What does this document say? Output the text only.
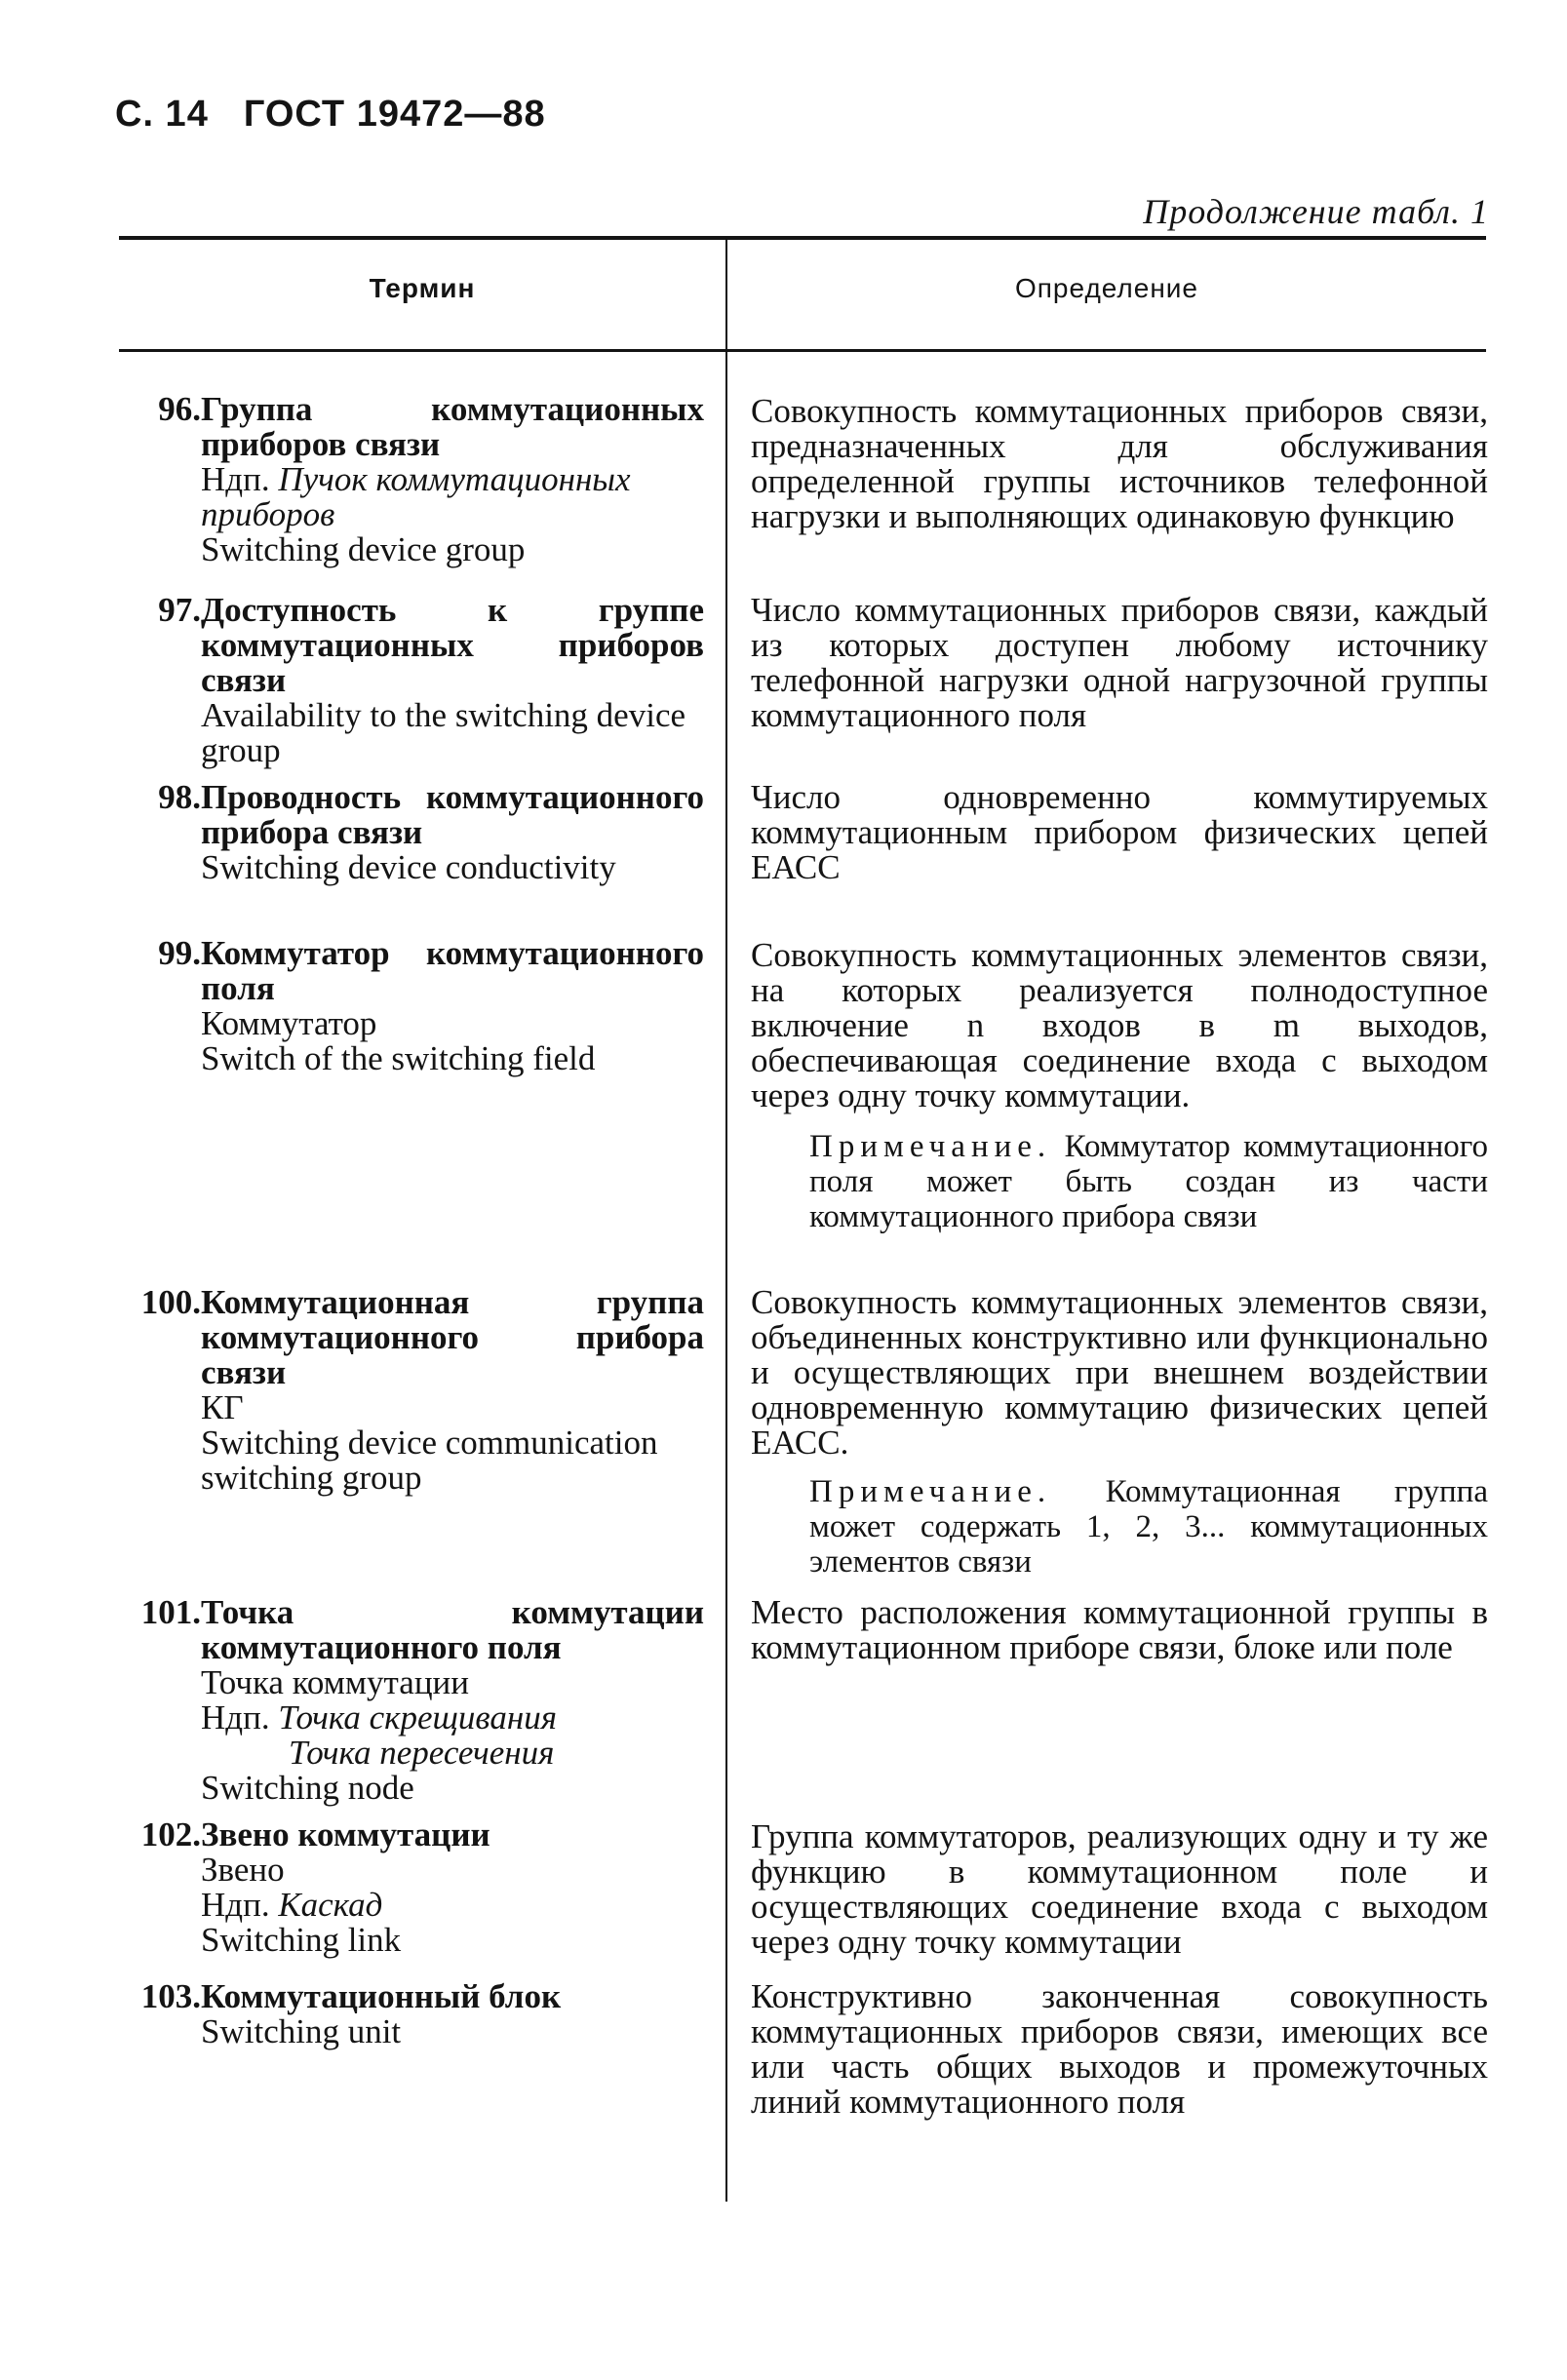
С. 14 ГОСТ 19472—88
Продолжение табл. 1
Термин	Определение
96. Группа коммутационных приборов связи
Ндп. Пучок коммутационных приборов
Switching device group
Совокупность коммутационных приборов связи, предназначенных для обслуживания определенной группы источников телефонной нагрузки и выполняющих одинаковую функцию
97. Доступность к группе коммутационных приборов связи
Availability to the switching device group
Число коммутационных приборов связи, каждый из которых доступен любому источнику телефонной нагрузки одной нагрузочной группы коммутационного поля
98. Проводность коммутационного прибора связи
Switching device conductivity
Число одновременно коммутируемых коммутационным прибором физических цепей ЕАСС
99. Коммутатор коммутационного поля
Коммутатор
Switch of the switching field
Совокупность коммутационных элементов связи, на которых реализуется полнодоступное включение n входов в m выходов, обеспечивающая соединение входа с выходом через одну точку коммутации.
Примечание. Коммутатор коммутационного поля может быть создан из части коммутационного прибора связи
100. Коммутационная группа коммутационного прибора связи
КГ
Switching device communication switching group
Совокупность коммутационных элементов связи, объединенных конструктивно или функционально и осуществляющих при внешнем воздействии одновременную коммутацию физических цепей ЕАСС.
Примечание. Коммутационная группа может содержать 1, 2, 3... коммутационных элементов связи
101. Точка коммутации коммутационного поля
Точка коммутации
Ндп. Точка скрещивания
Точка пересечения
Switching node
Место расположения коммутационной группы в коммутационном приборе связи, блоке или поле
102. Звено коммутации
Звено
Ндп. Каскад
Switching link
Группа коммутаторов, реализующих одну и ту же функцию в коммутационном поле и осуществляющих соединение входа с выходом через одну точку коммутации
103. Коммутационный блок
Switching unit
Конструктивно законченная совокупность коммутационных приборов связи, имеющих все или часть общих выходов и промежуточных линий коммутационного поля
